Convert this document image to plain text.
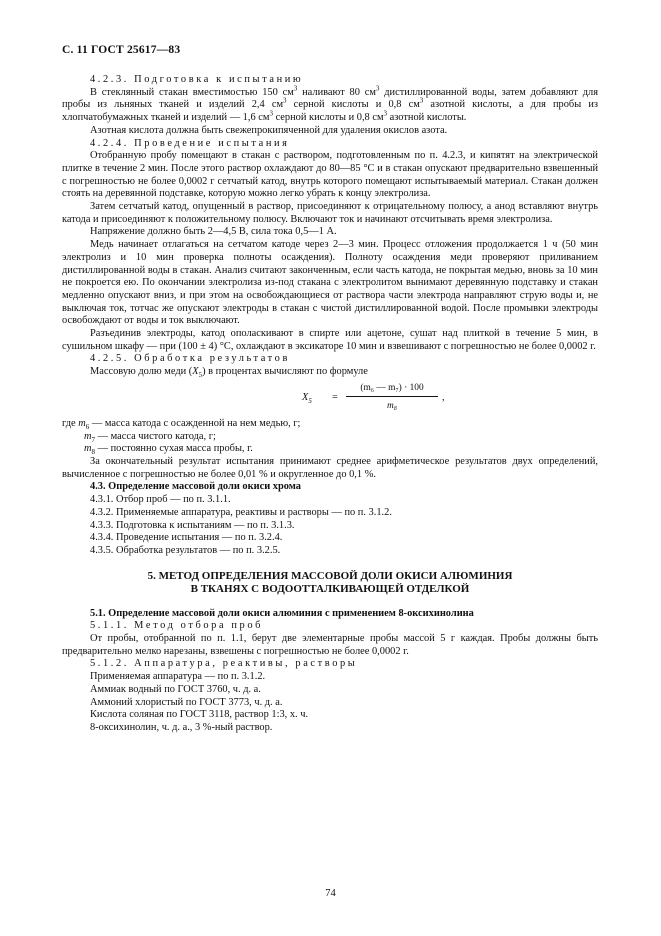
С. 11 ГОСТ 25617—83

4.2.3. Подготовка к испытанию

В стеклянный стакан вместимостью 150 $см^3$ наливают 80 $см^3$ дистиллированной воды, затем добавляют для пробы из льняных тканей и изделий 2,4 $см^3$ серной кислоты и 0,8 $см^3$ азотной кислоты, а для пробы из хлопчатобумажных тканей и изделий — 1,6 $см^3$ серной кислоты и 0,8 $см^3$ азотной кислоты.

Азотная кислота должна быть свежепрокипяченной для удаления окислов азота.

4.2.4. Проведение испытания

Отобранную пробу помещают в стакан с раствором, подготовленным по п. 4.2.3, и кипятят на электрической плитке в течение 2 мин. После этого раствор охлаждают до 80—85 °С и в стакан опускают предварительно взвешенный с погрешностью не более 0,0002 г сетчатый катод, внутрь которого помещают испытываемый материал. Стакан должен стоять на деревянной подставке, которую можно легко убрать к концу электролиза.

Затем сетчатый катод, опущенный в раствор, присоединяют к отрицательному полюсу, а анод вставляют внутрь катода и присоединяют к положительному полюсу. Включают ток и начинают отсчитывать время электролиза.

Напряжение должно быть 2—4,5 В, сила тока 0,5—1 А.

Медь начинает отлагаться на сетчатом катоде через 2—3 мин. Процесс отложения продолжается 1 ч (50 мин электролиз и 10 мин проверка полноты осаждения). Полноту осаждения меди проверяют приливанием дистиллированной воды в стакан. Анализ считают законченным, если часть катода, не покрытая медью, вновь за 10 мин не покроется ею. По окончании электролиза из-под стакана с электролитом вынимают деревянную подставку и стакан медленно опускают вниз, и при этом на освобождающиеся от раствора части электрода направляют струю воды и, не выключая ток, тотчас же опускают электроды в стакан с чистой дистиллированной водой. После промывки электроды освобождают от воды и ток выключают.

Разъединив электроды, катод ополаскивают в спирте или ацетоне, сушат над плиткой в течение 5 мин, в сушильном шкафу — при (100 ± 4) °С, охлаждают в эксикаторе 10 мин и взвешивают с погрешностью не более 0,0002 г.

4.2.5. Обработка результатов

Массовую долю меди $(X_5)$ в процентах вычисляют по формуле

$X_5$ =
(m₆ — m₇) · 100
m₈
,

где $m_6$ — масса катода с осажденной на нем медью, г;

$m_7$ — масса чистого катода, г;

$m_8$ — постоянно сухая масса пробы, г.

За окончательный результат испытания принимают среднее арифметическое результатов двух определений, вычисленное с погрешностью не более 0,01 % и округленное до 0,1 %.

4.3. Определение массовой доли окиси хрома

4.3.1. Отбор проб — по п. 3.1.1.

4.3.2. Применяемые аппаратура, реактивы и растворы — по п. 3.1.2.

4.3.3. Подготовка к испытаниям — по п. 3.1.3.

4.3.4. Проведение испытания — по п. 3.2.4.

4.3.5. Обработка результатов — по п. 3.2.5.

5. МЕТОД ОПРЕДЕЛЕНИЯ МАССОВОЙ ДОЛИ ОКИСИ АЛЮМИНИЯ
В ТКАНЯХ С ВОДООТТАЛКИВАЮЩЕЙ ОТДЕЛКОЙ

5.1. Определение массовой доли окиси алюминия с применением 8-оксихинолина

5.1.1. Метод отбора проб

От пробы, отобранной по п. 1.1, берут две элементарные пробы массой 5 г каждая. Пробы должны быть предварительно мелко нарезаны, взвешены с погрешностью не более 0,0002 г.

5.1.2. Аппаратура, реактивы, растворы

Применяемая аппаратура — по п. 3.1.2.

Аммиак водный по ГОСТ 3760, ч. д. а.

Аммоний хлористый по ГОСТ 3773, ч. д. а.

Кислота соляная по ГОСТ 3118, раствор 1:3, х. ч.

8-оксихинолин, ч. д. а., 3 %-ный раствор.

74
